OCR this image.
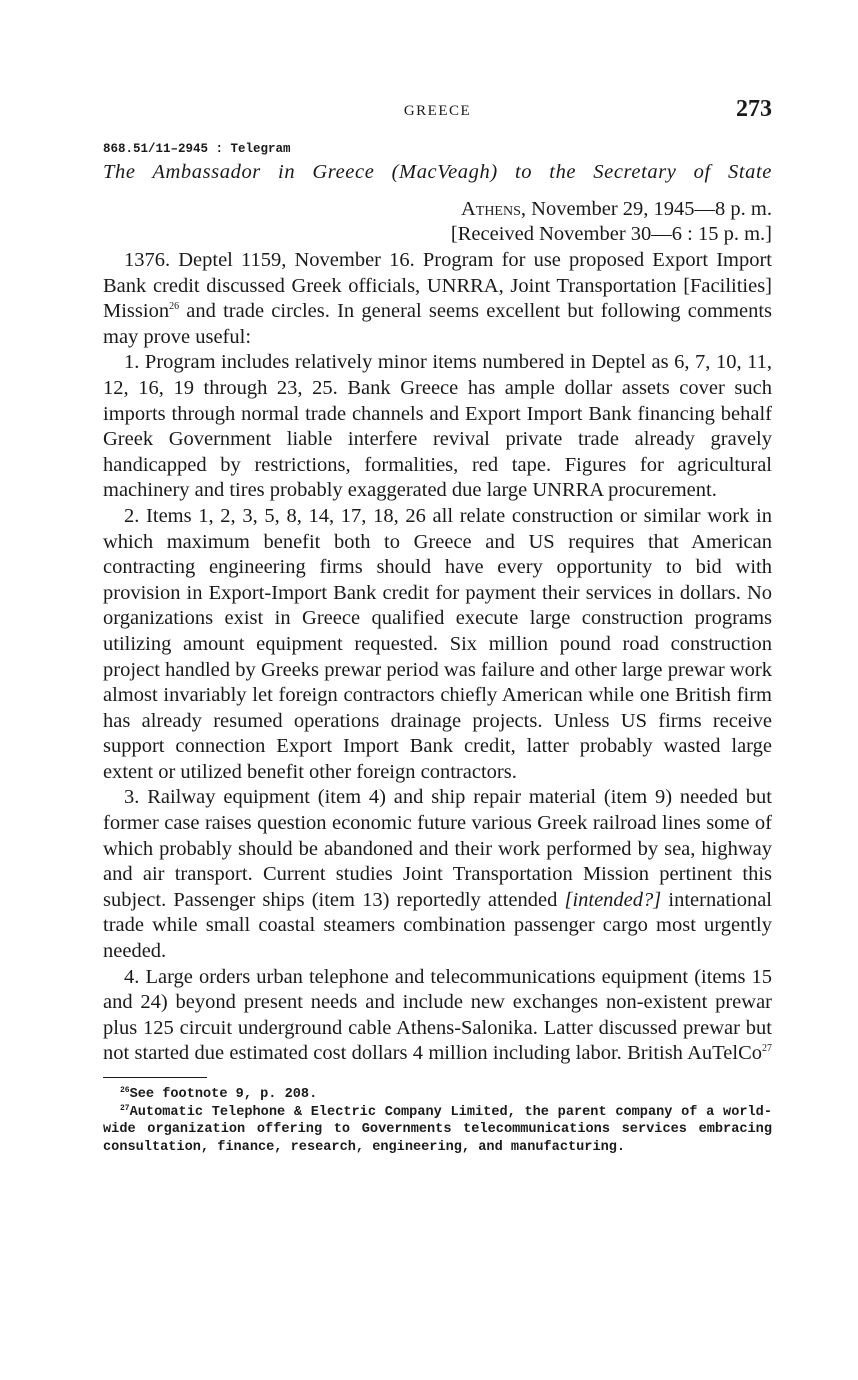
GREECE	273
868.51/11–2945 : Telegram
The Ambassador in Greece (MacVeagh) to the Secretary of State
Athens, November 29, 1945—8 p. m.
[Received November 30—6 : 15 p. m.]

1376. Deptel 1159, November 16. Program for use proposed Export Import Bank credit discussed Greek officials, UNRRA, Joint Transportation [Facilities] Mission$^{26}$ and trade circles. In general seems excellent but following comments may prove useful:

1. Program includes relatively minor items numbered in Deptel as 6, 7, 10, 11, 12, 16, 19 through 23, 25. Bank Greece has ample dollar assets cover such imports through normal trade channels and Export Import Bank financing behalf Greek Government liable interfere revival private trade already gravely handicapped by restrictions, formalities, red tape. Figures for agricultural machinery and tires probably exaggerated due large UNRRA procurement.

2. Items 1, 2, 3, 5, 8, 14, 17, 18, 26 all relate construction or similar work in which maximum benefit both to Greece and US requires that American contracting engineering firms should have every opportunity to bid with provision in Export-Import Bank credit for payment their services in dollars. No organizations exist in Greece qualified execute large construction programs utilizing amount equipment requested. Six million pound road construction project handled by Greeks prewar period was failure and other large prewar work almost invariably let foreign contractors chiefly American while one British firm has already resumed operations drainage projects. Unless US firms receive support connection Export Import Bank credit, latter probably wasted large extent or utilized benefit other foreign contractors.

3. Railway equipment (item 4) and ship repair material (item 9) needed but former case raises question economic future various Greek railroad lines some of which probably should be abandoned and their work performed by sea, highway and air transport. Current studies Joint Transportation Mission pertinent this subject. Passenger ships (item 13) reportedly attended [intended?] international trade while small coastal steamers combination passenger cargo most urgently needed.

4. Large orders urban telephone and telecommunications equipment (items 15 and 24) beyond present needs and include new exchanges non-existent prewar plus 125 circuit underground cable Athens-Salonika. Latter discussed prewar but not started due estimated cost dollars 4 million including labor. British AuTelCo$^{27}$

$^{26}$See footnote 9, p. 208.

$^{27}$Automatic Telephone & Electric Company Limited, the parent company of a world-wide organization offering to Governments telecommunications services embracing consultation, finance, research, engineering, and manufacturing.
